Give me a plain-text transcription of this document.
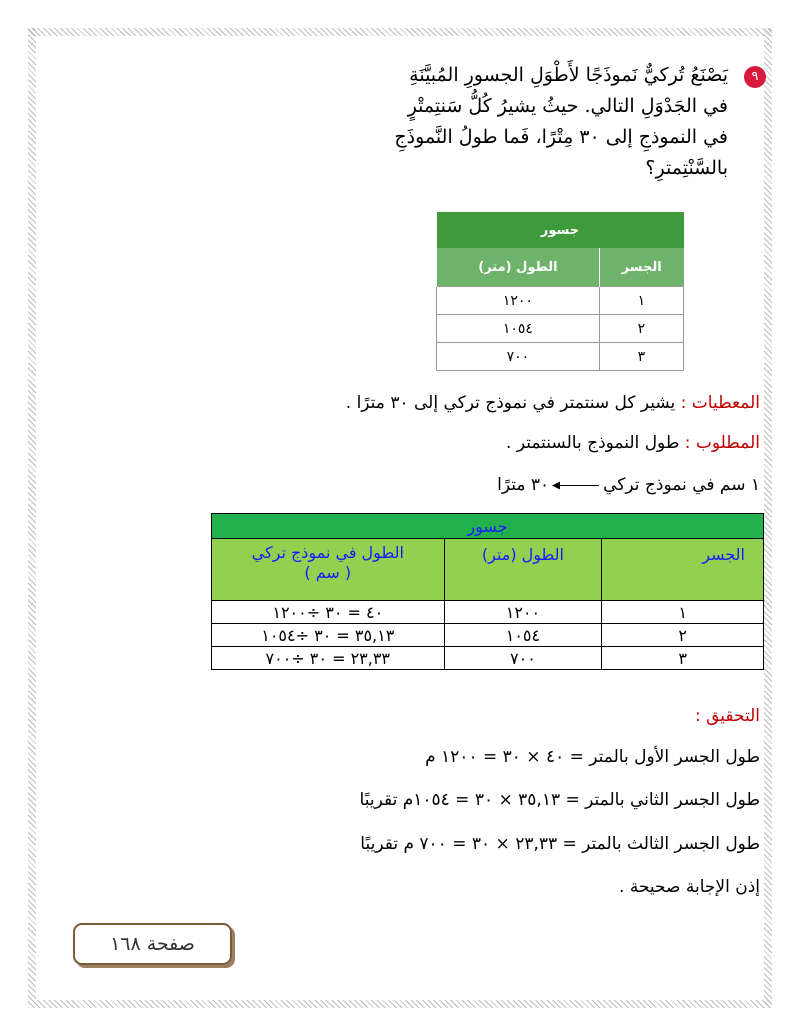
٩
يَصْنَعُ تُركيٌّ نَموذَجًا لأَطْوَلِ الجسورِ المُبيَّنَةِ
في الجَدْوَلِ التالي. حيثُ يشيرُ كُلُّ سَنتِمتْرٍ
في النموذجِ إلى ٣٠ مِتْرًا، فَما طولُ النَّموذَجِ
بالسَّنْتِمترِ؟
جسور	
الجسر	الطول (متر)
١	١٢٠٠
٢	١٠٥٤
٣	٧٠٠
المعطيات : يشير كل سنتمتر في نموذج تركي إلى ٣٠ مترًا .
المطلوب : طول النموذج بالسنتمتر .
١ سم في نموذج تركي٣٠ مترًا
جسور		
الجسر	الطول (متر)	الطول في نموذج تركي
( سم )

١	١٢٠٠	٤٠ = ٣٠ ÷١٢٠٠
٢	١٠٥٤	٣٥,١٣ = ٣٠ ÷١٠٥٤
٣	٧٠٠	٢٣,٣٣ = ٣٠ ÷٧٠٠
التحقيق :
طول الجسر الأول بالمتر = ٤٠ × ٣٠ = ١٢٠٠ م
طول الجسر الثاني بالمتر = ٣٥,١٣ × ٣٠ = ١٠٥٤م تقريبًا
طول الجسر الثالث بالمتر = ٢٣,٣٣ × ٣٠ = ٧٠٠ م تقريبًا
إذن الإجابة صحيحة .
صفحة ١٦٨
